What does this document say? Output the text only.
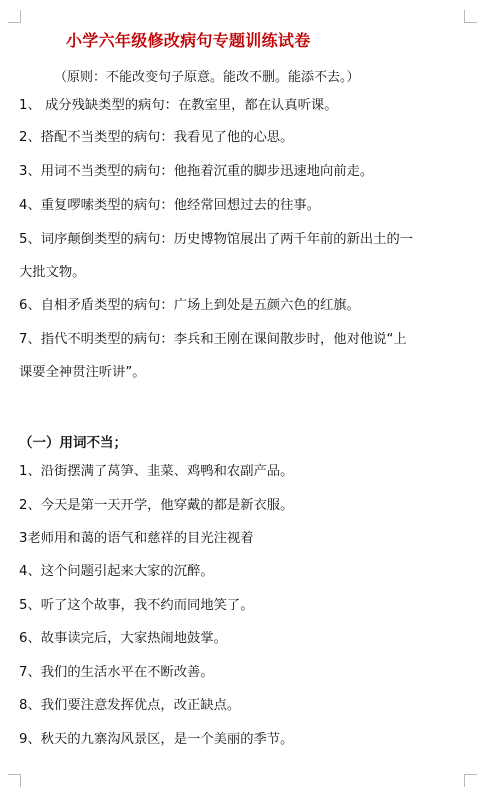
小学六年级修改病句专题训练试卷
（原则：不能改变句子原意。能改不删。能添不去。）
1、 成分残缺类型的病句：在教室里，都在认真听课。
2、搭配不当类型的病句：我看见了他的心思。
3、用词不当类型的病句：他拖着沉重的脚步迅速地向前走。
4、重复啰嗦类型的病句：他经常回想过去的往事。
5、词序颠倒类型的病句：历史博物馆展出了两千年前的新出土的一
大批文物。
6、自相矛盾类型的病句：广场上到处是五颜六色的红旗。
7、指代不明类型的病句：李兵和王刚在课间散步时，他对他说“上
课要全神贯注听讲”。
（一）用词不当；
1、沿街摆满了莴笋、韭菜、鸡鸭和农副产品。
2、今天是第一天开学，他穿戴的都是新衣服。
3老师用和蔼的语气和慈祥的目光注视着
4、这个问题引起来大家的沉醉。
5、听了这个故事，我不约而同地笑了。
6、故事读完后，大家热闹地鼓掌。
7、我们的生活水平在不断改善。
8、我们要注意发挥优点，改正缺点。
9、秋天的九寨沟风景区，是一个美丽的季节。
